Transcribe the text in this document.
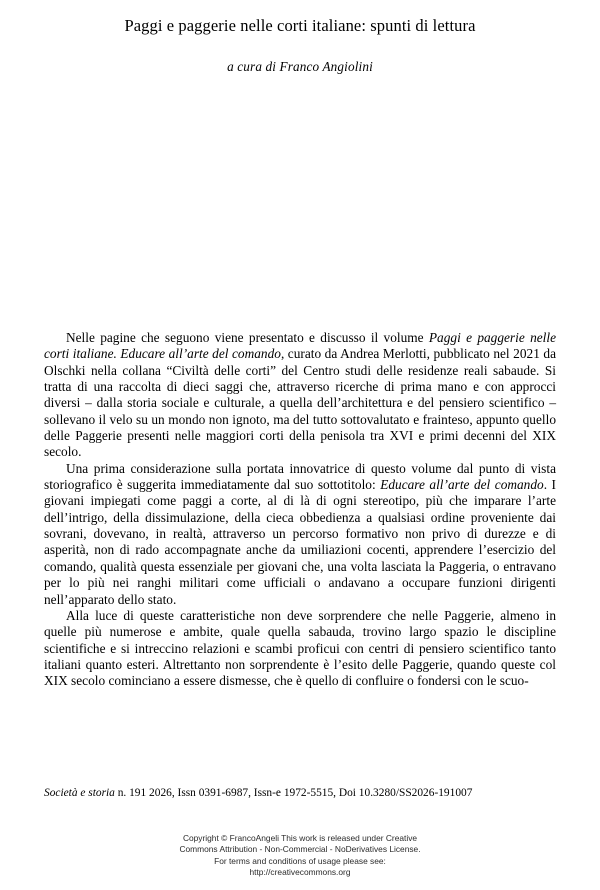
Paggi e paggerie nelle corti italiane: spunti di lettura

a cura di Franco Angiolini

Nelle pagine che seguono viene presentato e discusso il volume Paggi e paggerie nelle corti italiane. Educare all’arte del comando, curato da Andrea Merlotti, pubblicato nel 2021 da Olschki nella collana “Civiltà delle corti” del Centro studi delle residenze reali sabaude. Si tratta di una raccolta di dieci saggi che, attraverso ricerche di prima mano e con approcci diversi – dalla storia sociale e culturale, a quella dell’architettura e del pensiero scientifico – sollevano il velo su un mondo non ignoto, ma del tutto sottovalutato e frainteso, appunto quello delle Paggerie presenti nelle maggiori corti della penisola tra XVI e primi decenni del XIX secolo.

Una prima considerazione sulla portata innovatrice di questo volume dal punto di vista storiografico è suggerita immediatamente dal suo sottotitolo: Educare all’arte del comando. I giovani impiegati come paggi a corte, al di là di ogni stereotipo, più che imparare l’arte dell’intrigo, della dissimulazione, della cieca obbedienza a qualsiasi ordine proveniente dai sovrani, dovevano, in realtà, attraverso un percorso formativo non privo di durezze e di asperità, non di rado accompagnate anche da umiliazioni cocenti, apprendere l’esercizio del comando, qualità questa essenziale per giovani che, una volta lasciata la Paggeria, o entravano per lo più nei ranghi militari come ufficiali o andavano a occupare funzioni dirigenti nell’apparato dello stato.

Alla luce di queste caratteristiche non deve sorprendere che nelle Paggerie, almeno in quelle più numerose e ambite, quale quella sabauda, trovino largo spazio le discipline scientifiche e si intreccino relazioni e scambi proficui con centri di pensiero scientifico tanto italiani quanto esteri. Altrettanto non sorprendente è l’esito delle Paggerie, quando queste col XIX secolo cominciano a essere dismesse, che è quello di confluire o fondersi con le scuo-

Società e storia n. 191 2026, Issn 0391-6987, Issn-e 1972-5515, Doi 10.3280/SS2026-191007
Copyright © FrancoAngeli This work is released under Creative
Commons Attribution - Non-Commercial - NoDerivatives License.
For terms and conditions of usage please see:
http://creativecommons.org
